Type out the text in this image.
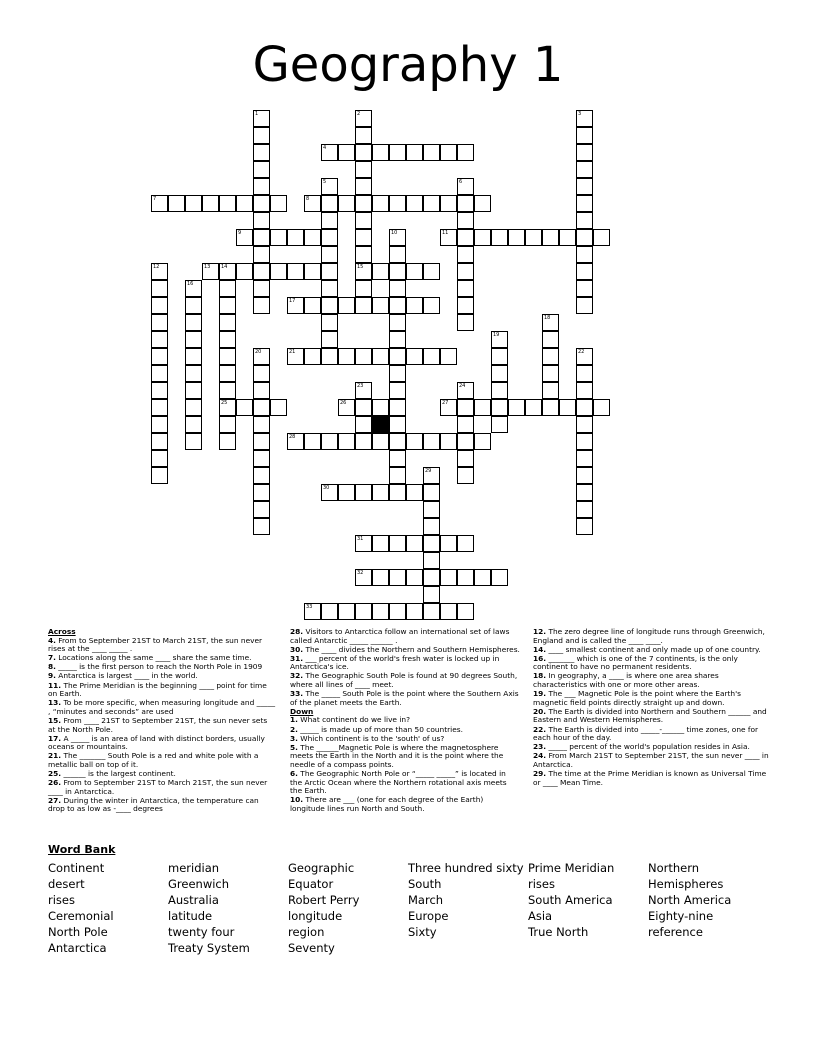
Geography 1
4
7	8
9	11
13 14	15
17
21
25	26	27
28
30
31
32
33
1	2	3
5	6
10
12
16
18
19
20	22
23	24
29
Across
4. From to September 21ST to March 21ST, the sun never rises at the ____ _____ .
7. Locations along the same ____ share the same time.
8. _____ is the first person to reach the North Pole in 1909
9. Antarctica is largest ____ in the world.
11. The Prime Meridian is the beginning ____ point for time on Earth.
13. To be more specific, when measuring longitude and _____ , “minutes and seconds” are used
15. From ____ 21ST to September 21ST, the sun never sets at the North Pole.
17. A _____ is an area of land with distinct borders, usually oceans or mountains.
21. The _______ South Pole is a red and white pole with a metallic ball on top of it.
25. ______ is the largest continent.
26. From to September 21ST to March 21ST, the sun never ____ in Antarctica.
27. During the winter in Antarctica, the temperature can drop to as low as -____ degrees
28. Visitors to Antarctica follow an international set of laws called Antarctic _____ ______ .
30. The ____ divides the Northern and Southern Hemispheres.
31. ___ percent of the world's fresh water is locked up in Antarctica's ice.
32. The Geographic South Pole is found at 90 degrees South, where all lines of ____ meet.
33. The _____ South Pole is the point where the Southern Axis of the planet meets the Earth.
Down
1. What continent do we live in?
2. _____ is made up of more than 50 countries.
3. Which continent is to the 'south' of us?
5. The ______Magnetic Pole is where the magnetosphere meets the Earth in the North and it is the point where the needle of a compass points.
6. The Geographic North Pole or “_____ _____” is located in the Arctic Ocean where the Northern rotational axis meets the Earth.
10. There are ___ (one for each degree of the Earth) longitude lines run North and South.
12. The zero degree line of longitude runs through Greenwich, England and is called the ____ ____.
14. ____ smallest continent and only made up of one country.
16. _______ which is one of the 7 continents, is the only continent to have no permanent residents.
18. In geography, a ____ is where one area shares characteristics with one or more other areas.
19. The ___ Magnetic Pole is the point where the Earth's magnetic field points directly straight up and down.
20. The Earth is divided into Northern and Southern ______ and Eastern and Western Hemispheres.
22. The Earth is divided into _____-______ time zones, one for each hour of the day.
23. _____ percent of the world's population resides in Asia.
24. From March 21ST to September 21ST, the sun never ____ in Antarctica.
29. The time at the Prime Meridian is known as Universal Time or ____ Mean Time.
Word Bank
Continent
desert
rises
Ceremonial
North Pole
Antarctica
meridian
Greenwich
Australia
latitude
twenty four
Treaty System
Geographic
Equator
Robert Perry
longitude
region
Seventy
Three hundred sixty
South
March
Europe
Sixty
Prime Meridian
rises
South America
Asia
True North
Northern
Hemispheres
North America
Eighty-nine
reference
